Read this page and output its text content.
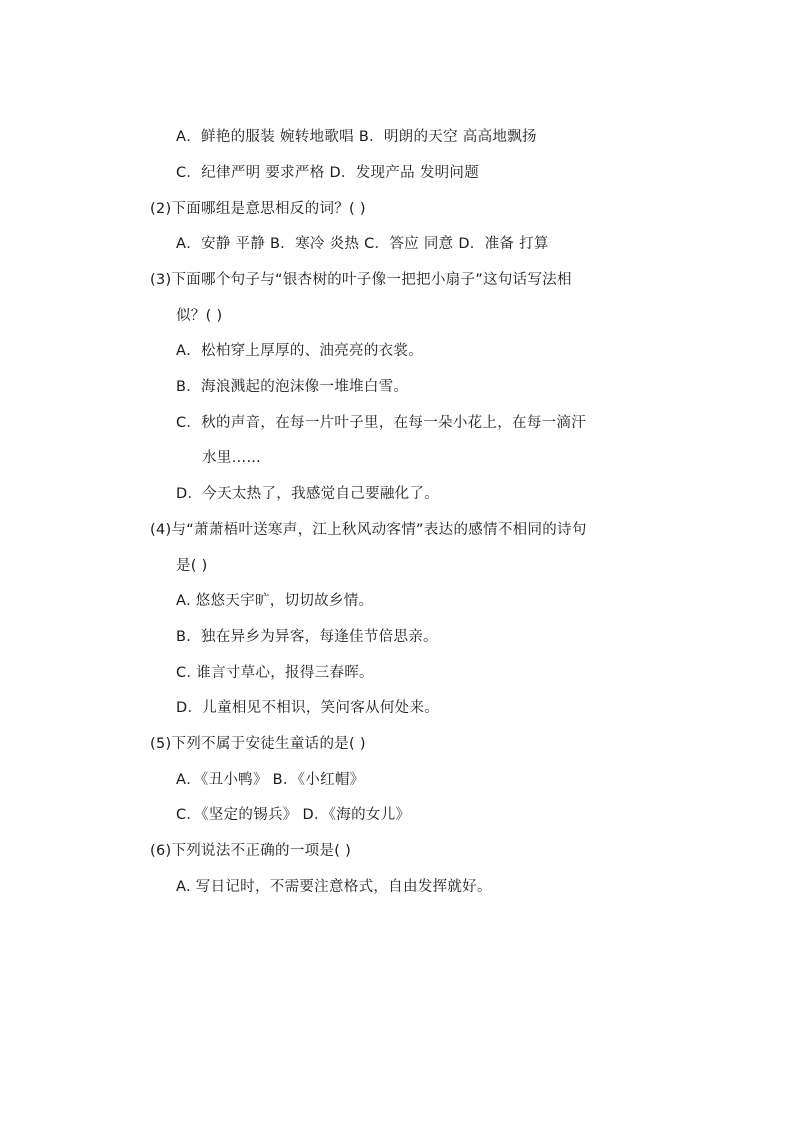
A．鲜艳的服装 婉转地歌唱 B．明朗的天空 高高地飘扬
C．纪律严明 要求严格 D．发现产品 发明问题
(2)下面哪组是意思相反的词？( )
A．安静 平静 B．寒冷 炎热 C．答应 同意 D．准备 打算
(3)下面哪个句子与“银杏树的叶子像一把把小扇子”这句话写法相
似？( )
A．松柏穿上厚厚的、油亮亮的衣裳。
B．海浪溅起的泡沫像一堆堆白雪。
C．秋的声音，在每一片叶子里，在每一朵小花上，在每一滴汗
水里……
D．今天太热了，我感觉自己要融化了。
(4)与“萧萧梧叶送寒声，江上秋风动客情”表达的感情不相同的诗句
是( )
A. 悠悠天宇旷，切切故乡情。
B．独在异乡为异客，每逢佳节倍思亲。
C. 谁言寸草心，报得三春晖。
D．儿童相见不相识，笑问客从何处来。
(5)下列不属于安徒生童话的是( )
A．《丑小鸭》 B．《小红帽》
C．《坚定的锡兵》 D．《海的女儿》
(6)下列说法不正确的一项是( )
A. 写日记时，不需要注意格式，自由发挥就好。
